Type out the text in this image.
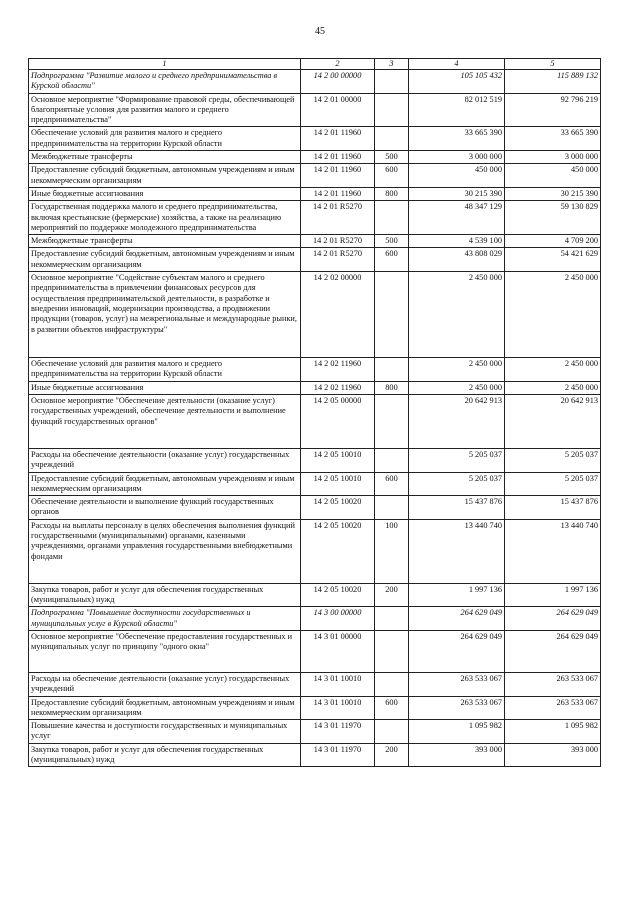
45
1	2	3	4	5
Подпрограмма "Развитие малого и среднего предпринимательства в Курской области"	14 2 00 00000		105 105 432	115 889 132
Основное мероприятие "Формирование правовой среды, обеспечивающей благоприятные условия для развития малого и среднего предпринимательства"	14 2 01 00000		82 012 519	92 796 219
Обеспечение условий для развития малого и среднего предпринимательства на территории Курской области	14 2 01 11960		33 665 390	33 665 390
Межбюджетные трансферты	14 2 01 11960	500	3 000 000	3 000 000
Предоставление субсидий бюджетным, автономным учреждениям и иным некоммерческим организациям	14 2 01 11960	600	450 000	450 000
Иные бюджетные ассигнования	14 2 01 11960	800	30 215 390	30 215 390
Государственная поддержка малого и среднего предпринимательства, включая крестьянские (фермерские) хозяйства, а также на реализацию мероприятий по поддержке молодежного предпринимательства	14 2 01 R5270		48 347 129	59 130 829
Межбюджетные трансферты	14 2 01 R5270	500	4 539 100	4 709 200
Предоставление субсидий бюджетным, автономным учреждениям и иным некоммерческим организациям	14 2 01 R5270	600	43 808 029	54 421 629
Основное мероприятие "Содействие субъектам малого и среднего предпринимательства в привлечении финансовых ресурсов для осуществления предпринимательской деятельности, в разработке и внедрении инноваций, модернизации производства, а продвижении продукции (товаров, услуг) на межрегиональные и международные рынки, в развитии объектов инфраструктуры"	14 2 02 00000		2 450 000	2 450 000
Обеспечение условий для развития малого и среднего предпринимательства на территории Курской области	14 2 02 11960		2 450 000	2 450 000
Иные бюджетные ассигнования	14 2 02 11960	800	2 450 000	2 450 000
Основное мероприятие "Обеспечение деятельности (оказание услуг) государственных учреждений, обеспечение деятельности и выполнение функций государственных органов"	14 2 05 00000		20 642 913	20 642 913
Расходы на обеспечение деятельности (оказание услуг) государственных учреждений	14 2 05 10010		5 205 037	5 205 037
Предоставление субсидий бюджетным, автономным учреждениям и иным некоммерческим организациям	14 2 05 10010	600	5 205 037	5 205 037
Обеспечение деятельности и выполнение функций государственных органов	14 2 05 10020		15 437 876	15 437 876
Расходы на выплаты персоналу в целях обеспечения выполнения функций государственными (муниципальными) органами, казенными учреждениями, органами управления государственными внебюджетными фондами	14 2 05 10020	100	13 440 740	13 440 740
Закупка товаров, работ и услуг для обеспечения государственных (муниципальных) нужд	14 2 05 10020	200	1 997 136	1 997 136
Подпрограмма "Повышение доступности государственных и муниципальных услуг в Курской области"	14 3 00 00000		264 629 049	264 629 049
Основное мероприятие "Обеспечение предоставления государственных и муниципальных услуг по принципу "одного окна"	14 3 01 00000		264 629 049	264 629 049
Расходы на обеспечение деятельности (оказание услуг) государственных учреждений	14 3 01 10010		263 533 067	263 533 067
Предоставление субсидий бюджетным, автономным учреждениям и иным некоммерческим организациям	14 3 01 10010	600	263 533 067	263 533 067
Повышение качества и доступности государственных и муниципальных услуг	14 3 01 11970		1 095 982	1 095 982
Закупка товаров, работ и услуг для обеспечения государственных (муниципальных) нужд	14 3 01 11970	200	393 000	393 000
